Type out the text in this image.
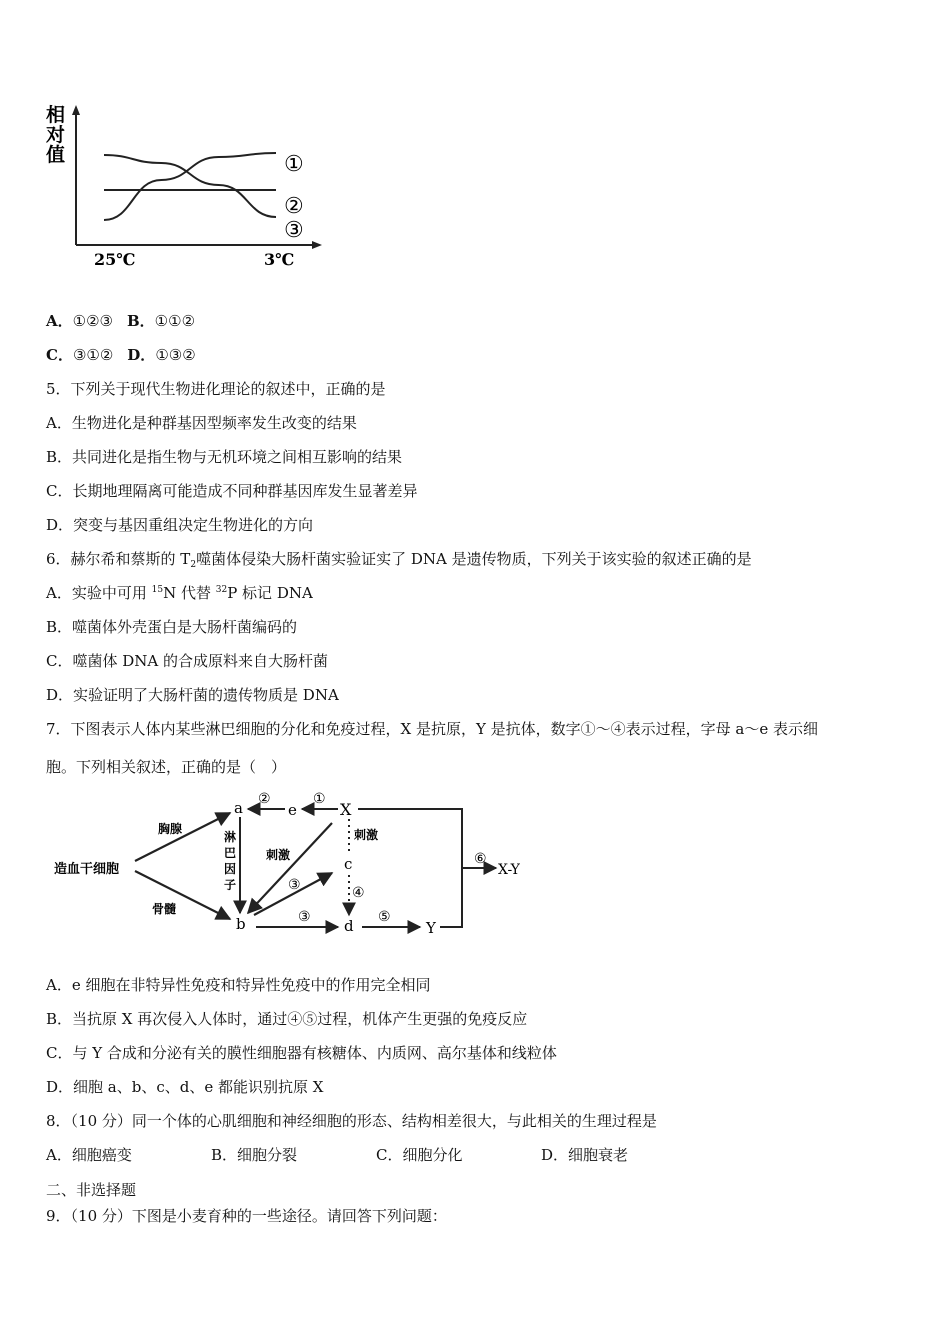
相
对
值	①
②
③
25℃	3℃
A．①②③ B．①①②
C．③①② D．①③②
5．下列关于现代生物进化理论的叙述中，正确的是
A．生物进化是种群基因型频率发生改变的结果
B．共同进化是指生物与无机环境之间相互影响的结果
C．长期地理隔离可能造成不同种群基因库发生显著差异
D．突变与基因重组决定生物进化的方向
6．赫尔希和蔡斯的 $T_2$噬菌体侵染大肠杆菌实验证实了 DNA 是遗传物质，下列关于该实验的叙述正确的是
A．实验中可用 $^{15}$N 代替 $^{32}$P 标记 DNA
B．噬菌体外壳蛋白是大肠杆菌编码的
C．噬菌体 DNA 的合成原料来自大肠杆菌
D．实验证明了大肠杆菌的遗传物质是 DNA
7．下图表示人体内某些淋巴细胞的分化和免疫过程，X 是抗原，Y 是抗体，数字①～④表示过程，字母 a～e 表示细
胞。下列相关叙述，正确的是（　）
造血干细胞
胸腺
骨髓
a
b
e	X
c
d	Y
X-Y
①
②
淋
巴
因
子
刺激
③
③
刺激
④
⑤
⑥
A．e 细胞在非特异性免疫和特异性免疫中的作用完全相同
B．当抗原 X 再次侵入人体时，通过④⑤过程，机体产生更强的免疫反应
C．与 Y 合成和分泌有关的膜性细胞器有核糖体、内质网、高尔基体和线粒体
D．细胞 a、b、c、d、e 都能识别抗原 X
8．（10 分）同一个体的心肌细胞和神经细胞的形态、结构相差很大，与此相关的生理过程是
A．细胞癌变	B．细胞分裂	C．细胞分化	D．细胞衰老
二、非选择题
9．（10 分）下图是小麦育种的一些途径。请回答下列问题：
